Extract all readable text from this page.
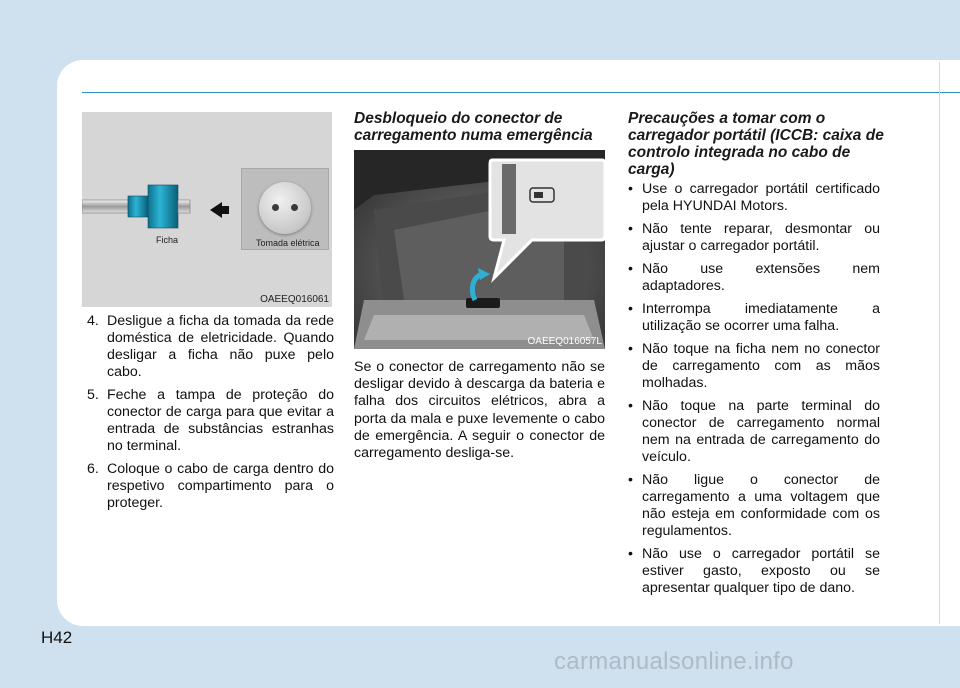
Ficha	Tomada elétrica
OAEEQ016061
4. Desligue a ficha da tomada da rede doméstica de eletricidade. Quando desligar a ficha não puxe pelo cabo.
5. Feche a tampa de proteção do conector de carga para que evitar a entrada de substâncias estranhas no terminal.
6. Coloque o cabo de carga dentro do respetivo compartimento para o proteger.
Desbloqueio do conector de carregamento numa emergência
OAEEQ016057L

Se o conector de carregamento não se desligar devido à descarga da bateria e falha dos circuitos elétricos, abra a porta da mala e puxe levemente o cabo de emergência. A seguir o conector de carregamento desliga-se.

Precauções a tomar com o carregador portátil (ICCB: caixa de controlo integrada no cabo de carga)
• Use o carregador portátil certificado pela HYUNDAI Motors.
• Não tente reparar, desmontar ou ajustar o carregador portátil.
• Não use extensões nem adaptadores.
• Interrompa imediatamente a utilização se ocorrer uma falha.
• Não toque na ficha nem no conector de carregamento com as mãos molhadas.
• Não toque na parte terminal do conector de carregamento normal nem na entrada de carregamento do veículo.
• Não ligue o conector de carregamento a uma voltagem que não esteja em conformidade com os regulamentos.
• Não use o carregador portátil se estiver gasto, exposto ou se apresentar qualquer tipo de dano.
H42
carmanualsonline.info
